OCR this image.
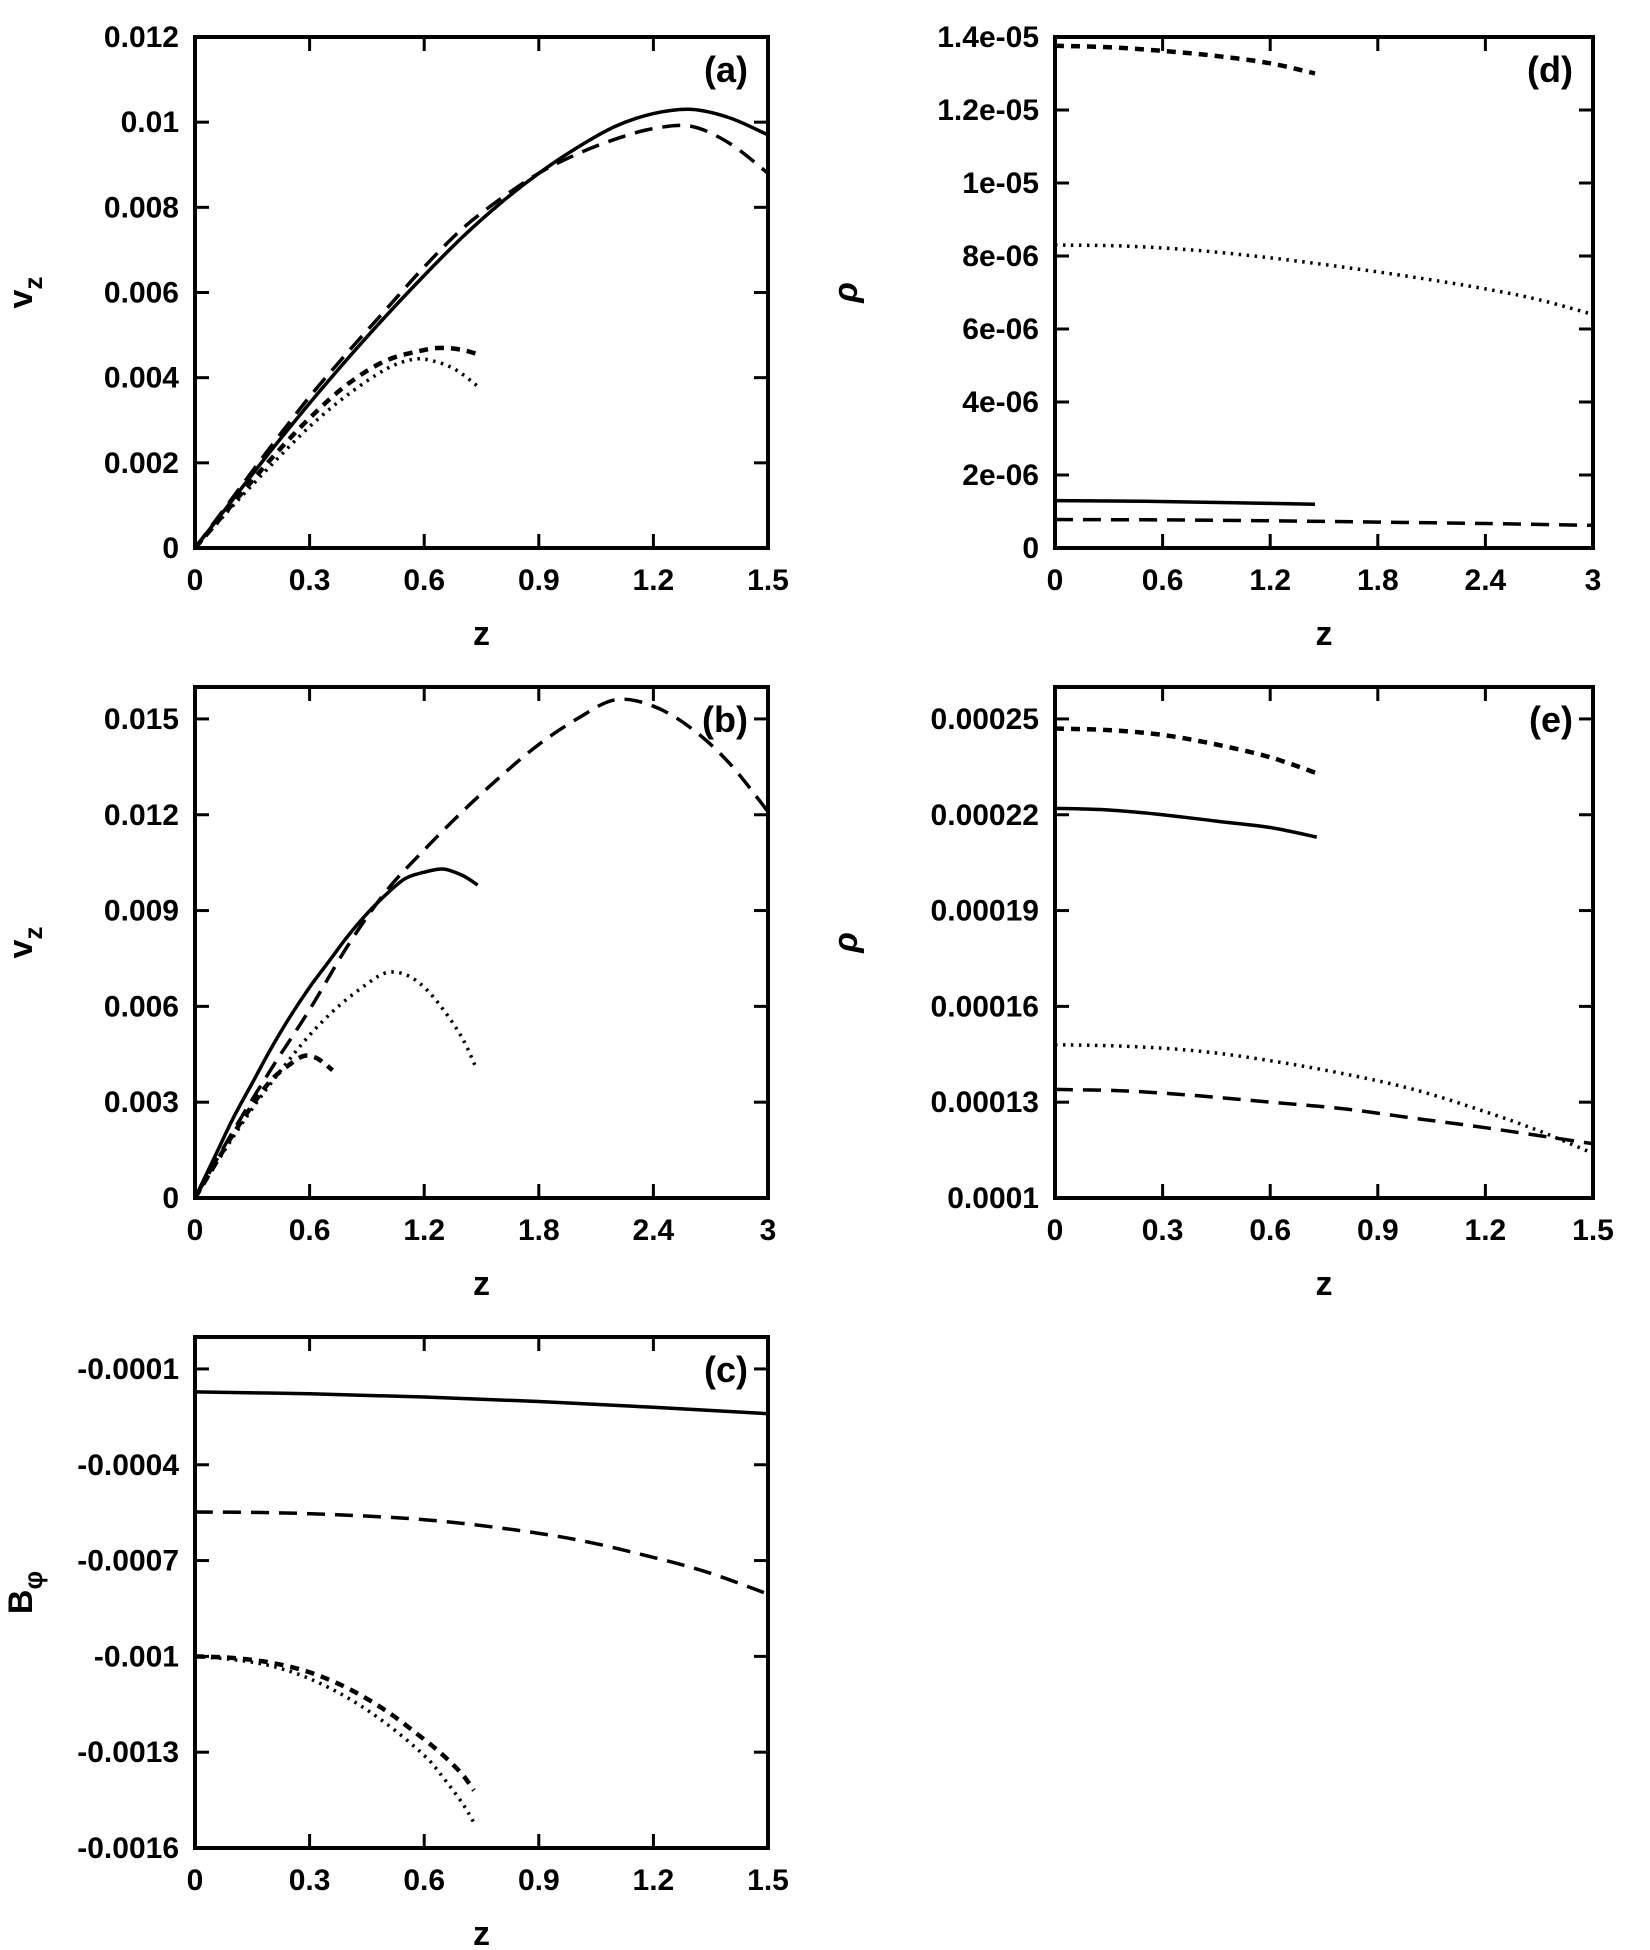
0	0.3 0.6 0.9 1.2 1.5
0
0.002
0.004
0.006
0.008
0.01
0.012
(a)
z
$v_z$
0	0.6 1.2 1.8 2.4	3
0
2e-06
4e-06
6e-06
8e-06
1e-05
1.2e-05
1.4e-05
(d)
z
ρ
0	0.6 1.2 1.8 2.4	3
0
0.003
0.006
0.009
0.012
0.015	(b)
z
$v_z$
0	0.3 0.6 0.9 1.2 1.5
0.0001
0.00013
0.00016
0.00019
0.00022
0.00025	(e)
z
ρ
0	0.3 0.6 0.9 1.2 1.5
-0.0001
-0.0004
-0.0007
-0.001
-0.0013
-0.0016
(c)
z
$B_\varphi$
